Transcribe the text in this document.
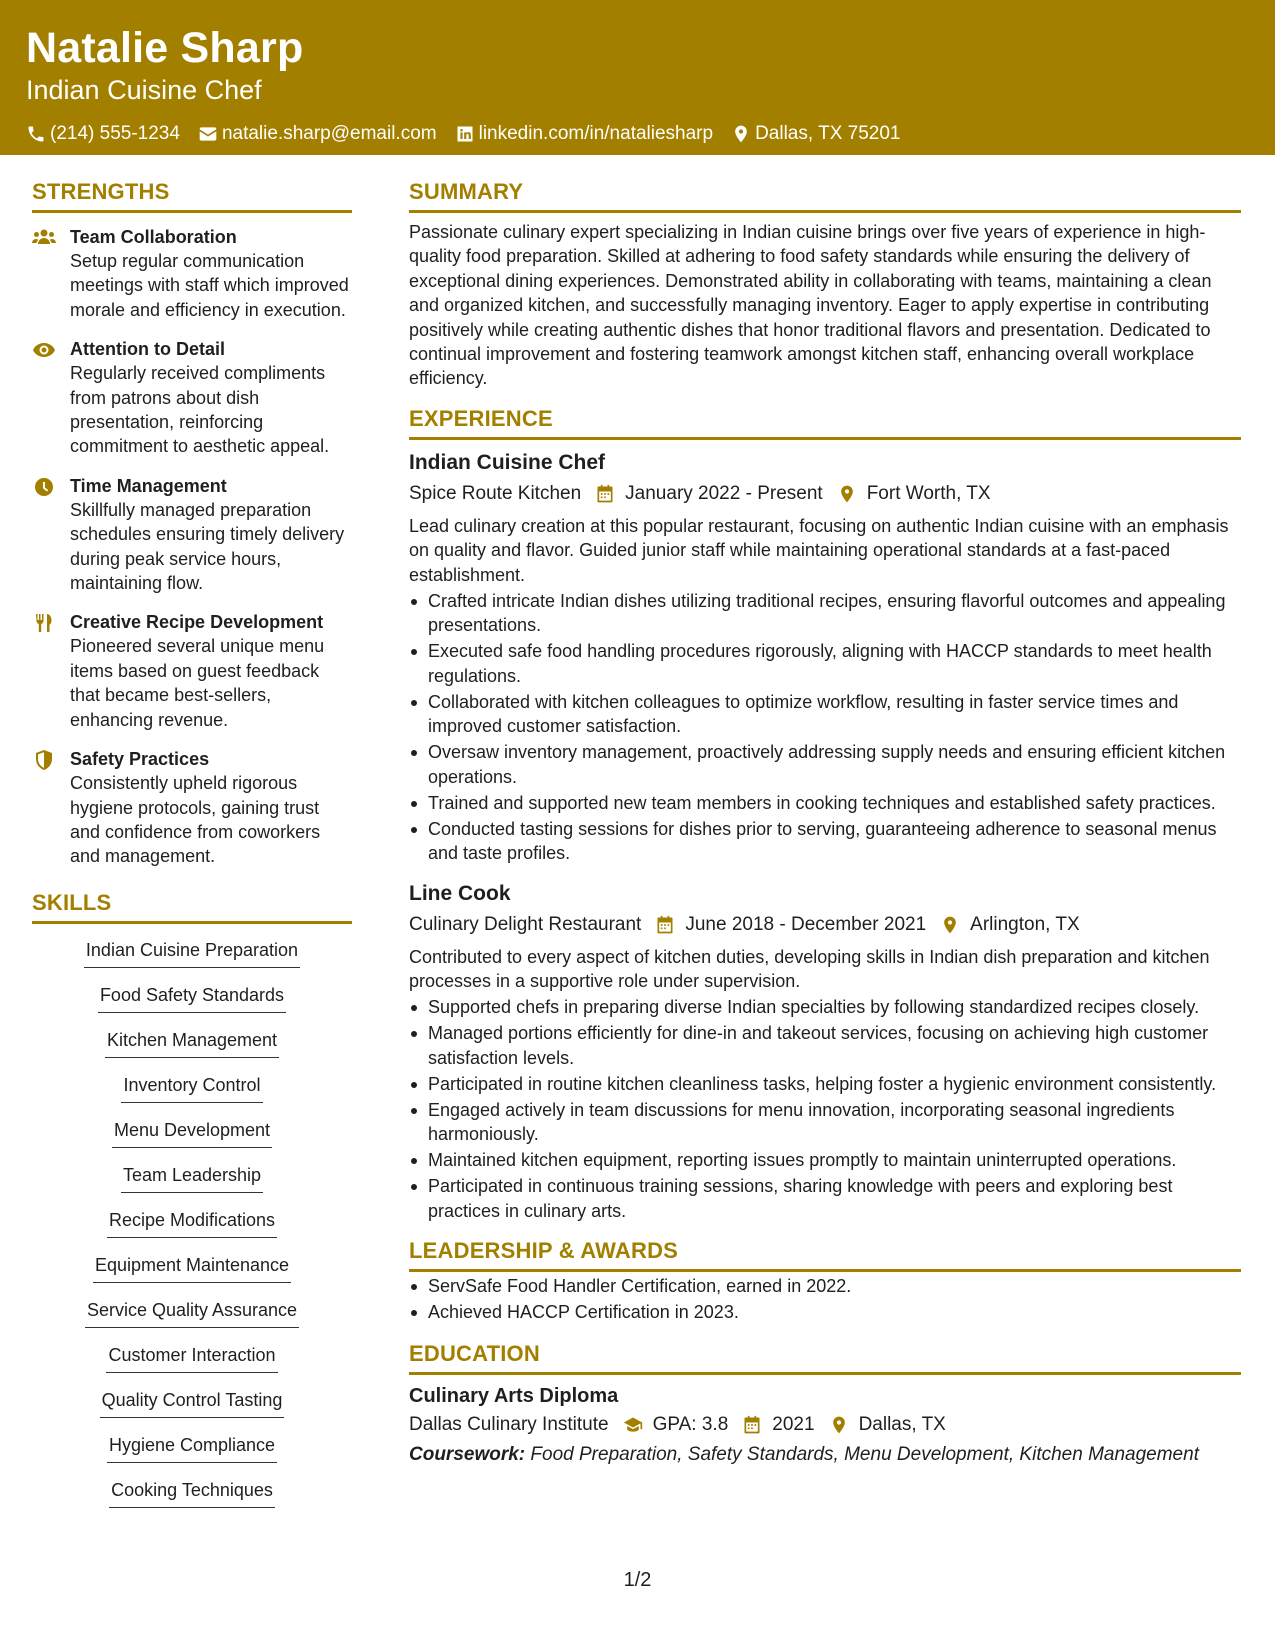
Natalie Sharp
Indian Cuisine Chef
(214) 555-1234 natalie.sharp@email.com linkedin.com/in/nataliesharp Dallas, TX 75201
STRENGTHS
Team Collaboration
Setup regular communication meetings with staff which improved morale and efficiency in execution.
Attention to Detail
Regularly received compliments from patrons about dish presentation, reinforcing commitment to aesthetic appeal.
Time Management
Skillfully managed preparation schedules ensuring timely delivery during peak service hours, maintaining flow.
Creative Recipe Development
Pioneered several unique menu items based on guest feedback that became best-sellers, enhancing revenue.
Safety Practices
Consistently upheld rigorous hygiene protocols, gaining trust and confidence from coworkers and management.
SKILLS
Indian Cuisine Preparation
Food Safety Standards
Kitchen Management
Inventory Control
Menu Development
Team Leadership
Recipe Modifications
Equipment Maintenance
Service Quality Assurance
Customer Interaction
Quality Control Tasting
Hygiene Compliance
Cooking Techniques
SUMMARY
Passionate culinary expert specializing in Indian cuisine brings over five years of experience in high-quality food preparation. Skilled at adhering to food safety standards while ensuring the delivery of exceptional dining experiences. Demonstrated ability in collaborating with teams, maintaining a clean and organized kitchen, and successfully managing inventory. Eager to apply expertise in contributing positively while creating authentic dishes that honor traditional flavors and presentation. Dedicated to continual improvement and fostering teamwork amongst kitchen staff, enhancing overall workplace efficiency.
EXPERIENCE
Indian Cuisine Chef
Spice Route Kitchen January 2022 - Present Fort Worth, TX
Lead culinary creation at this popular restaurant, focusing on authentic Indian cuisine with an emphasis on quality and flavor. Guided junior staff while maintaining operational standards at a fast-paced establishment.
Crafted intricate Indian dishes utilizing traditional recipes, ensuring flavorful outcomes and appealing presentations.
Executed safe food handling procedures rigorously, aligning with HACCP standards to meet health regulations.
Collaborated with kitchen colleagues to optimize workflow, resulting in faster service times and improved customer satisfaction.
Oversaw inventory management, proactively addressing supply needs and ensuring efficient kitchen operations.
Trained and supported new team members in cooking techniques and established safety practices.
Conducted tasting sessions for dishes prior to serving, guaranteeing adherence to seasonal menus and taste profiles.
Line Cook
Culinary Delight Restaurant June 2018 - December 2021 Arlington, TX
Contributed to every aspect of kitchen duties, developing skills in Indian dish preparation and kitchen processes in a supportive role under supervision.
Supported chefs in preparing diverse Indian specialties by following standardized recipes closely.
Managed portions efficiently for dine-in and takeout services, focusing on achieving high customer satisfaction levels.
Participated in routine kitchen cleanliness tasks, helping foster a hygienic environment consistently.
Engaged actively in team discussions for menu innovation, incorporating seasonal ingredients harmoniously.
Maintained kitchen equipment, reporting issues promptly to maintain uninterrupted operations.
Participated in continuous training sessions, sharing knowledge with peers and exploring best practices in culinary arts.
LEADERSHIP & AWARDS
ServSafe Food Handler Certification, earned in 2022.
Achieved HACCP Certification in 2023.
EDUCATION
Culinary Arts Diploma
Dallas Culinary Institute GPA: 3.8 2021 Dallas, TX
Coursework: Food Preparation, Safety Standards, Menu Development, Kitchen Management
1/2
